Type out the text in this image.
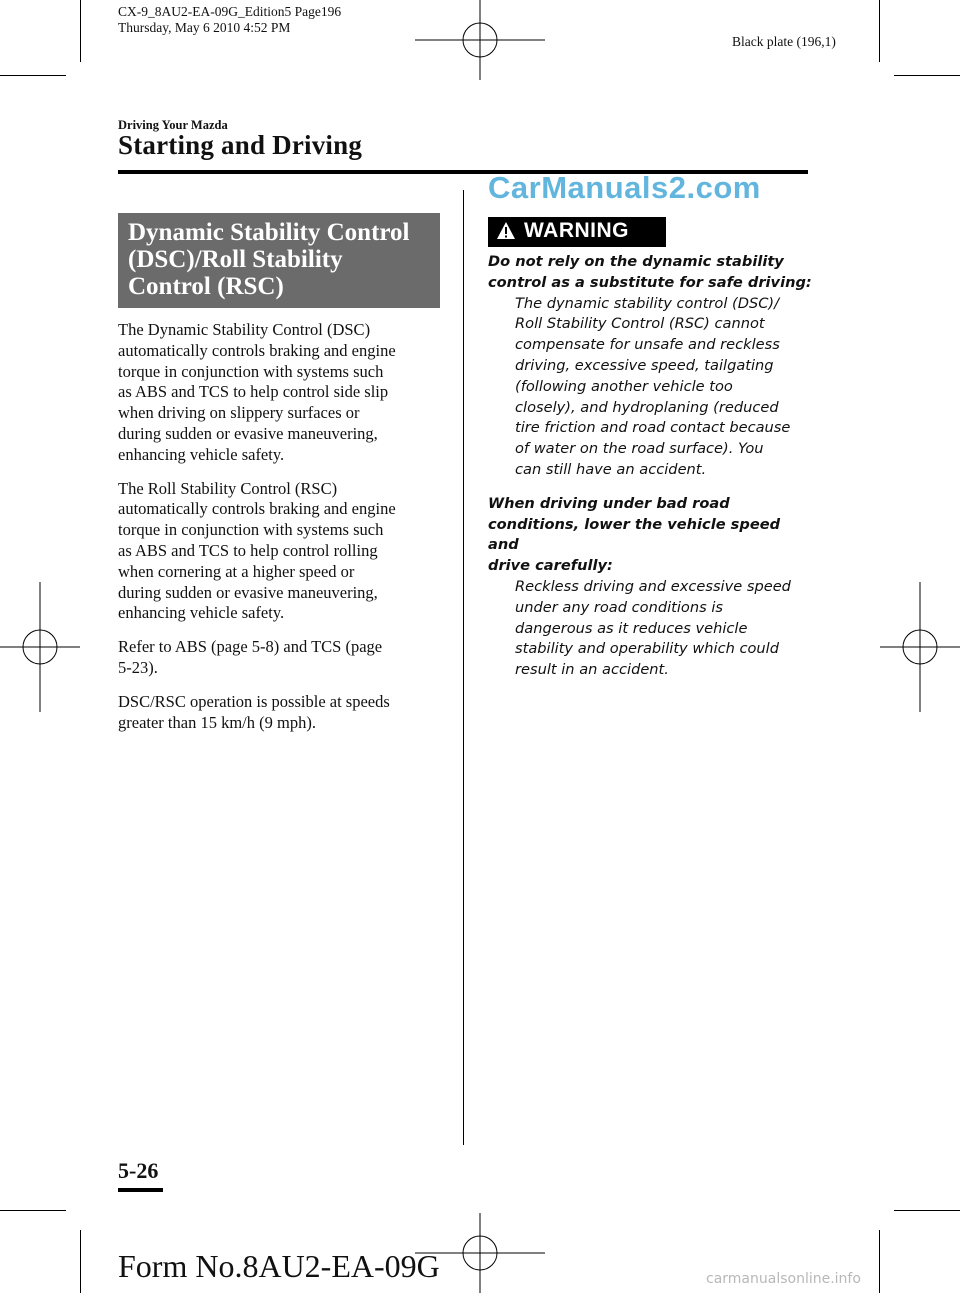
CX-9_8AU2-EA-09G_Edition5 Page196
Thursday, May 6 2010 4:52 PM
Black plate (196,1)
Driving Your Mazda
Starting and Driving
CarManuals2.com
Dynamic Stability Control
(DSC)/Roll Stability
Control (RSC)

The Dynamic Stability Control (DSC)
automatically controls braking and engine
torque in conjunction with systems such
as ABS and TCS to help control side slip
when driving on slippery surfaces or
during sudden or evasive maneuvering,
enhancing vehicle safety.

The Roll Stability Control (RSC)
automatically controls braking and engine
torque in conjunction with systems such
as ABS and TCS to help control rolling
when cornering at a higher speed or
during sudden or evasive maneuvering,
enhancing vehicle safety.

Refer to ABS (page 5-8) and TCS (page
5-23).

DSC/RSC operation is possible at speeds
greater than 15 km/h (9 mph).

WARNING

Do not rely on the dynamic stability
control as a substitute for safe driving:

The dynamic stability control (DSC)/
Roll Stability Control (RSC) cannot
compensate for unsafe and reckless
driving, excessive speed, tailgating
(following another vehicle too
closely), and hydroplaning (reduced
tire friction and road contact because
of water on the road surface). You
can still have an accident.

When driving under bad road
conditions, lower the vehicle speed and
drive carefully:

Reckless driving and excessive speed
under any road conditions is
dangerous as it reduces vehicle
stability and operability which could
result in an accident.

5-26
Form No.8AU2-EA-09G	carmanualsonline.info
